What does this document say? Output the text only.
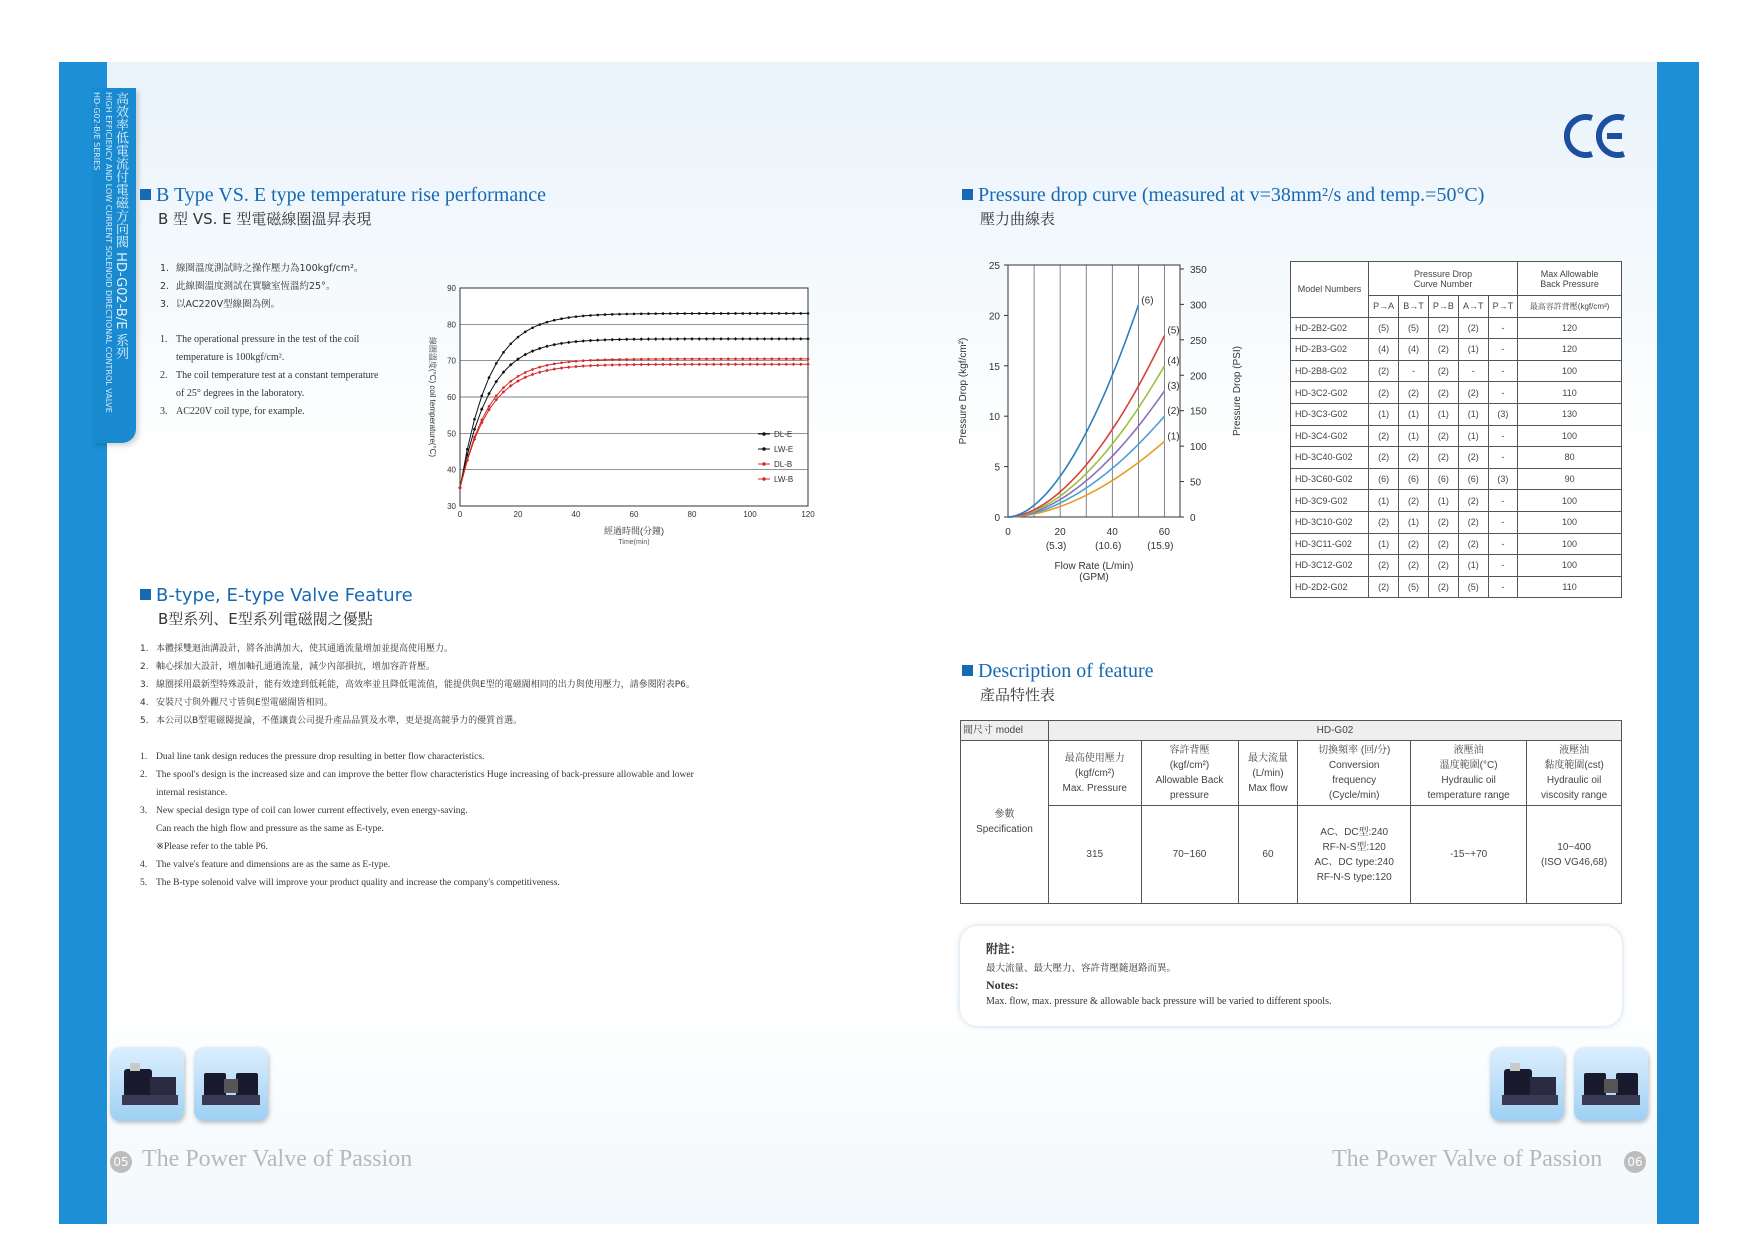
高效率低電流付電磁方向閥 HD-G02-B/E 系列
HIGH EFFICIENCY AND LOW CURRENT SOLENOID DIRECTIONAL CONTROL VALVE HD-G02-B/E SERIES
B Type VS. E type temperature rise performance
B 型 VS. E 型電磁線圈溫昇表現
1. 線圈溫度測試時之操作壓力為100kgf/cm²。
2. 此線圈溫度測試在實驗室恆溫約25°。
3. 以AC220V型線圈為例。
1. The operational pressure in the test of the coil
temperature is 100kgf/cm².
2. The coil temperature test at a constant temperature
of 25° degrees in the laboratory.
3. AC220V coil type, for example.
30
40
50
60
70
80
90
0	20	40	60	80	100	120
經過時間(分鐘)
Time(min)
線圈溫度(°C) coil temperature(°C)	DL-E
LW-E
DL-B
LW-B
Pressure drop curve (measured at v=38mm²/s and temp.=50°C)
壓力曲線表
0
5
10
15
20
25
0
50
100
150
200
250
300
350
0	20	40	60
(5.3)	(10.6)	(15.9)
Flow Rate (L/min)
(GPM)
Pressure Drop (kgf/cm²)	Pressure Drop (PSI)
(1)
(2)
(3)
(4)
(5)
(6)
Model Numbers	Pressure Drop
Curve Number					Max Allowable
Back Pressure
	P→A	B→T	P→B	A→T	P→T	最高容許背壓(kgf/cm²)
HD-2B2-G02	(5)	(5)	(2)	(2)	-	120
HD-2B3-G02	(4)	(4)	(2)	(1)	-	120
HD-2B8-G02	(2)	-	(2)	-	-	100
HD-3C2-G02	(2)	(2)	(2)	(2)	-	110
HD-3C3-G02	(1)	(1)	(1)	(1)	(3)	130
HD-3C4-G02	(2)	(1)	(2)	(1)	-	100
HD-3C40-G02	(2)	(2)	(2)	(2)	-	80
HD-3C60-G02	(6)	(6)	(6)	(6)	(3)	90
HD-3C9-G02	(1)	(2)	(1)	(2)	-	100
HD-3C10-G02	(2)	(1)	(2)	(2)	-	100
HD-3C11-G02	(1)	(2)	(2)	(2)	-	100
HD-3C12-G02	(2)	(2)	(2)	(1)	-	100
HD-2D2-G02	(2)	(5)	(2)	(5)	-	110
B-type, E-type Valve Feature
B型系列、E型系列電磁閥之優點
1. 本體採雙迴油溝設計，將各油溝加大，使其通過流量增加並提高使用壓力。
2. 軸心採加大設計，增加軸孔通過流量，減少內部損抗，增加容許背壓。
3. 線圈採用最新型特殊設計，能有效達到低耗能，高效率並且降低電流值，能提供與E型的電磁閥相同的出力與使用壓力，請參閱附表P6。
4. 安裝尺寸與外觀尺寸皆與E型電磁閥皆相同。
5. 本公司以B型電磁閥提論，不僅讓貴公司提升產品品質及水準，更是提高競爭力的優質首選。
1. Dual line tank design reduces the pressure drop resulting in better flow characteristics.
2. The spool's design is the increased size and can improve the better flow characteristics Huge increasing of back-pressure allowable and lower
internal resistance.
3. New special design type of coil can lower current effectively, even energy-saving.
Can reach the high flow and pressure as the same as E-type.
※Please refer to the table P6.
4. The valve's feature and dimensions are as the same as E-type.
5. The B-type solenoid valve will improve your product quality and increase the company's competitiveness.
Description of feature
產品特性表
閥尺寸 model	HD-G02					
參數
Specification	最高使用壓力
(kgf/cm²)
Max. Pressure	容許背壓
(kgf/cm²)
Allowable Back
pressure	最大流量
(L/min)
Max flow	切換頻率 (回/分)
Conversion
frequency
(Cycle/min)	液壓油
溫度範圍(°C)
Hydraulic oil
temperature range	液壓油
黏度範圍(cst)
Hydraulic oil
viscosity range
	315	70~160	60	AC、DC型:240
RF-N-S型:120
AC、DC type:240
RF-N-S type:120	-15~+70	10~400
(ISO VG46,68)
附註：
最大流量、最大壓力、容許背壓隨迴路而異。
Notes:
Max. flow, max. pressure & allowable back pressure will be varied to different spools.
05 The Power Valve of Passion	The Power Valve of Passion 06
